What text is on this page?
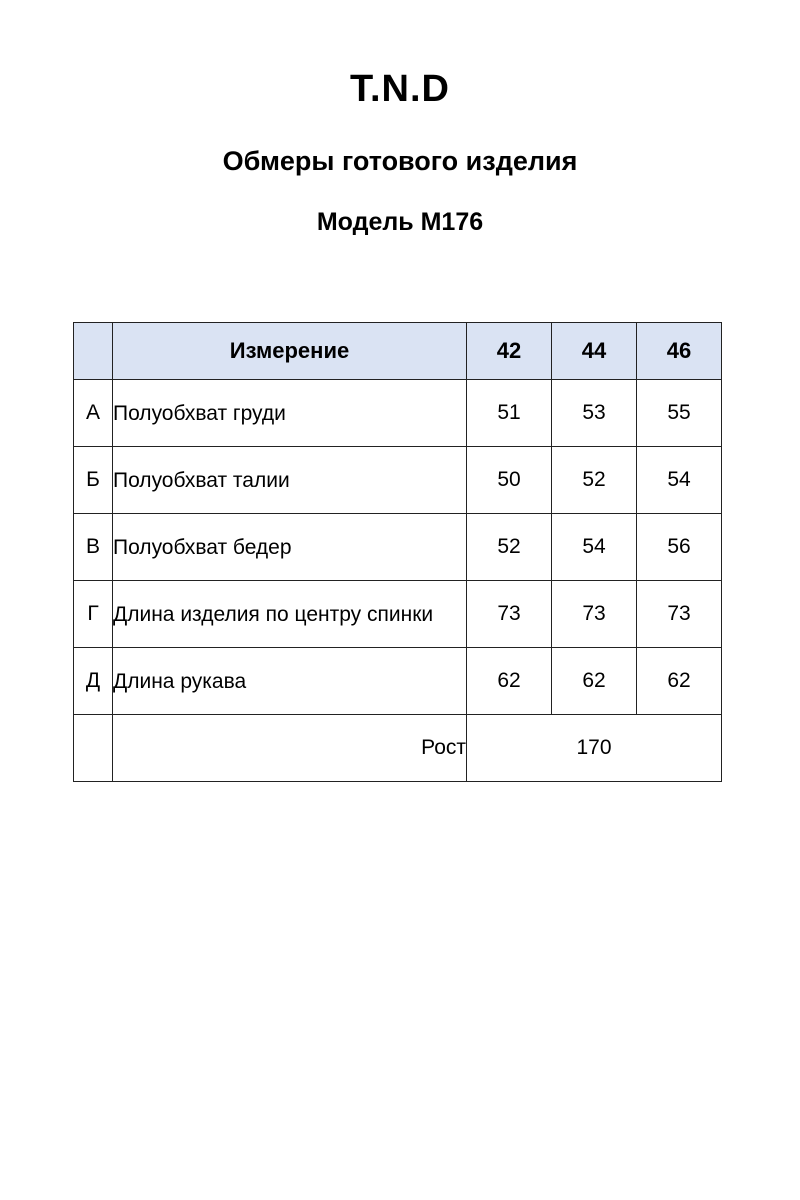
T.N.D
Обмеры готового изделия
Модель М176
	Измерение	42	44	46
А	Полуобхват груди	51	53	55
Б	Полуобхват талии	50	52	54
В	Полуобхват бедер	52	54	56
Г	Длина изделия по центру спинки	73	73	73
Д	Длина рукава	62	62	62
	Рост	170		
